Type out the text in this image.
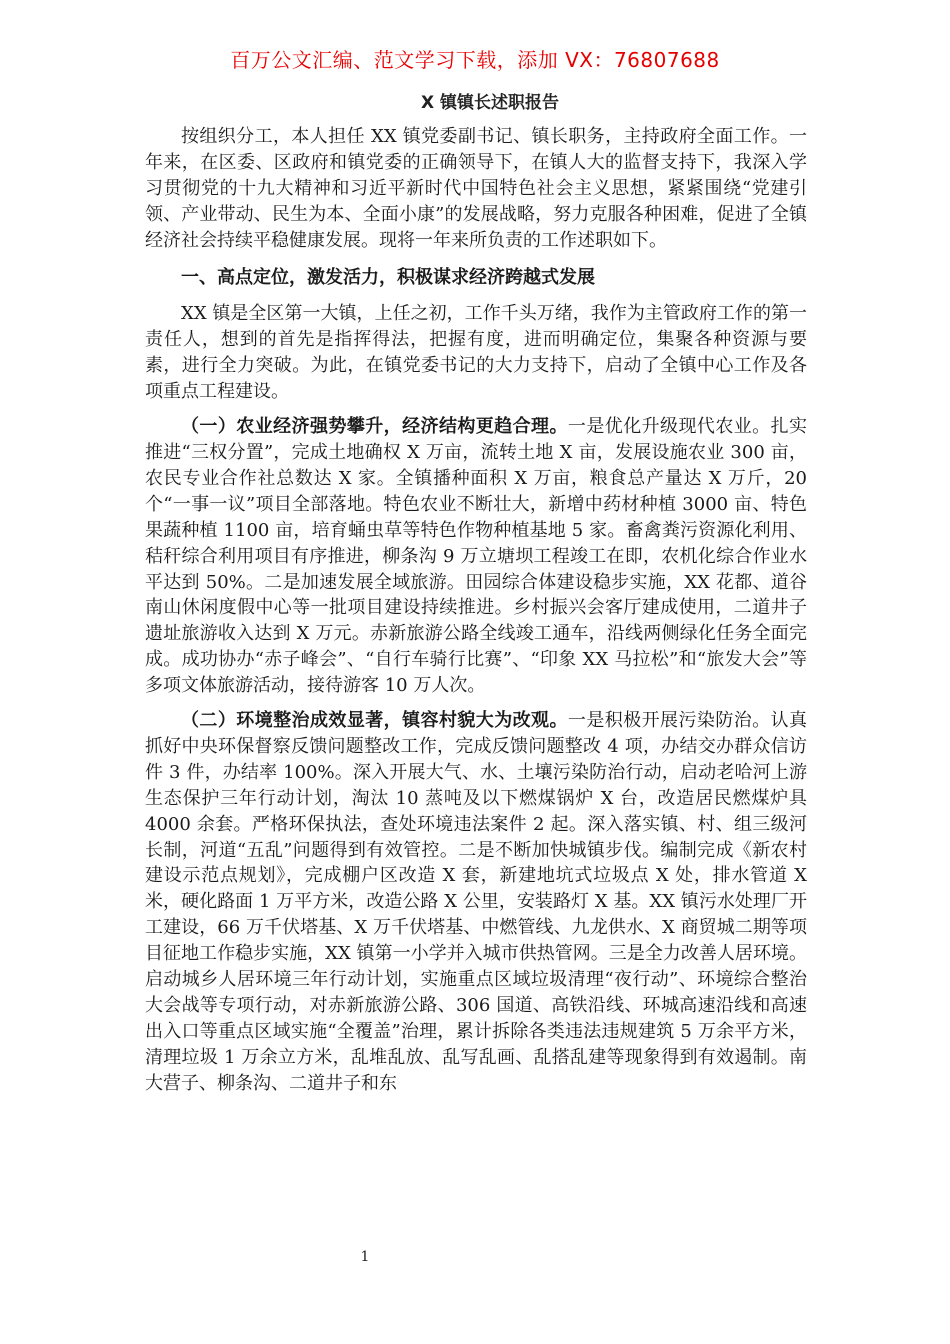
百万公文汇编、范文学习下载，添加 VX：76807688
X 镇镇长述职报告

按组织分工，本人担任 XX 镇党委副书记、镇长职务，主持政府全面工作。一年来，在区委、区政府和镇党委的正确领导下，在镇人大的监督支持下，我深入学习贯彻党的十九大精神和习近平新时代中国特色社会主义思想，紧紧围绕“党建引领、产业带动、民生为本、全面小康”的发展战略，努力克服各种困难，促进了全镇经济社会持续平稳健康发展。现将一年来所负责的工作述职如下。

一、高点定位，激发活力，积极谋求经济跨越式发展

XX 镇是全区第一大镇，上任之初，工作千头万绪，我作为主管政府工作的第一责任人，想到的首先是指挥得法，把握有度，进而明确定位，集聚各种资源与要素，进行全力突破。为此，在镇党委书记的大力支持下，启动了全镇中心工作及各项重点工程建设。

（一）农业经济强势攀升，经济结构更趋合理。一是优化升级现代农业。扎实推进“三权分置”，完成土地确权 X 万亩，流转土地 X 亩，发展设施农业 300 亩，农民专业合作社总数达 X 家。全镇播种面积 X 万亩，粮食总产量达 X 万斤，20 个“一事一议”项目全部落地。特色农业不断壮大，新增中药材种植 3000 亩、特色果蔬种植 1100 亩，培育蛹虫草等特色作物种植基地 5 家。畜禽粪污资源化利用、秸秆综合利用项目有序推进，柳条沟 9 万立塘坝工程竣工在即，农机化综合作业水平达到 50%。二是加速发展全域旅游。田园综合体建设稳步实施，XX 花都、道谷南山休闲度假中心等一批项目建设持续推进。乡村振兴会客厅建成使用，二道井子遗址旅游收入达到 X 万元。赤新旅游公路全线竣工通车，沿线两侧绿化任务全面完成。成功协办“赤子峰会”、“自行车骑行比赛”、“印象 XX 马拉松”和“旅发大会”等多项文体旅游活动，接待游客 10 万人次。

（二）环境整治成效显著，镇容村貌大为改观。一是积极开展污染防治。认真抓好中央环保督察反馈问题整改工作，完成反馈问题整改 4 项，办结交办群众信访件 3 件，办结率 100%。深入开展大气、水、土壤污染防治行动，启动老哈河上游生态保护三年行动计划，淘汰 10 蒸吨及以下燃煤锅炉 X 台，改造居民燃煤炉具 4000 余套。严格环保执法，查处环境违法案件 2 起。深入落实镇、村、组三级河长制，河道“五乱”问题得到有效管控。二是不断加快城镇步伐。编制完成《新农村建设示范点规划》，完成棚户区改造 X 套，新建地坑式垃圾点 X 处，排水管道 X 米，硬化路面 1 万平方米，改造公路 X 公里，安装路灯 X 基。XX 镇污水处理厂开工建设，66 万千伏塔基、X 万千伏塔基、中燃管线、九龙供水、X 商贸城二期等项目征地工作稳步实施，XX 镇第一小学并入城市供热管网。三是全力改善人居环境。启动城乡人居环境三年行动计划，实施重点区域垃圾清理“夜行动”、环境综合整治大会战等专项行动，对赤新旅游公路、306 国道、高铁沿线、环城高速沿线和高速出入口等重点区域实施“全覆盖”治理，累计拆除各类违法违规建筑 5 万余平方米，清理垃圾 1 万余立方米，乱堆乱放、乱写乱画、乱搭乱建等现象得到有效遏制。南大营子、柳条沟、二道井子和东

1
